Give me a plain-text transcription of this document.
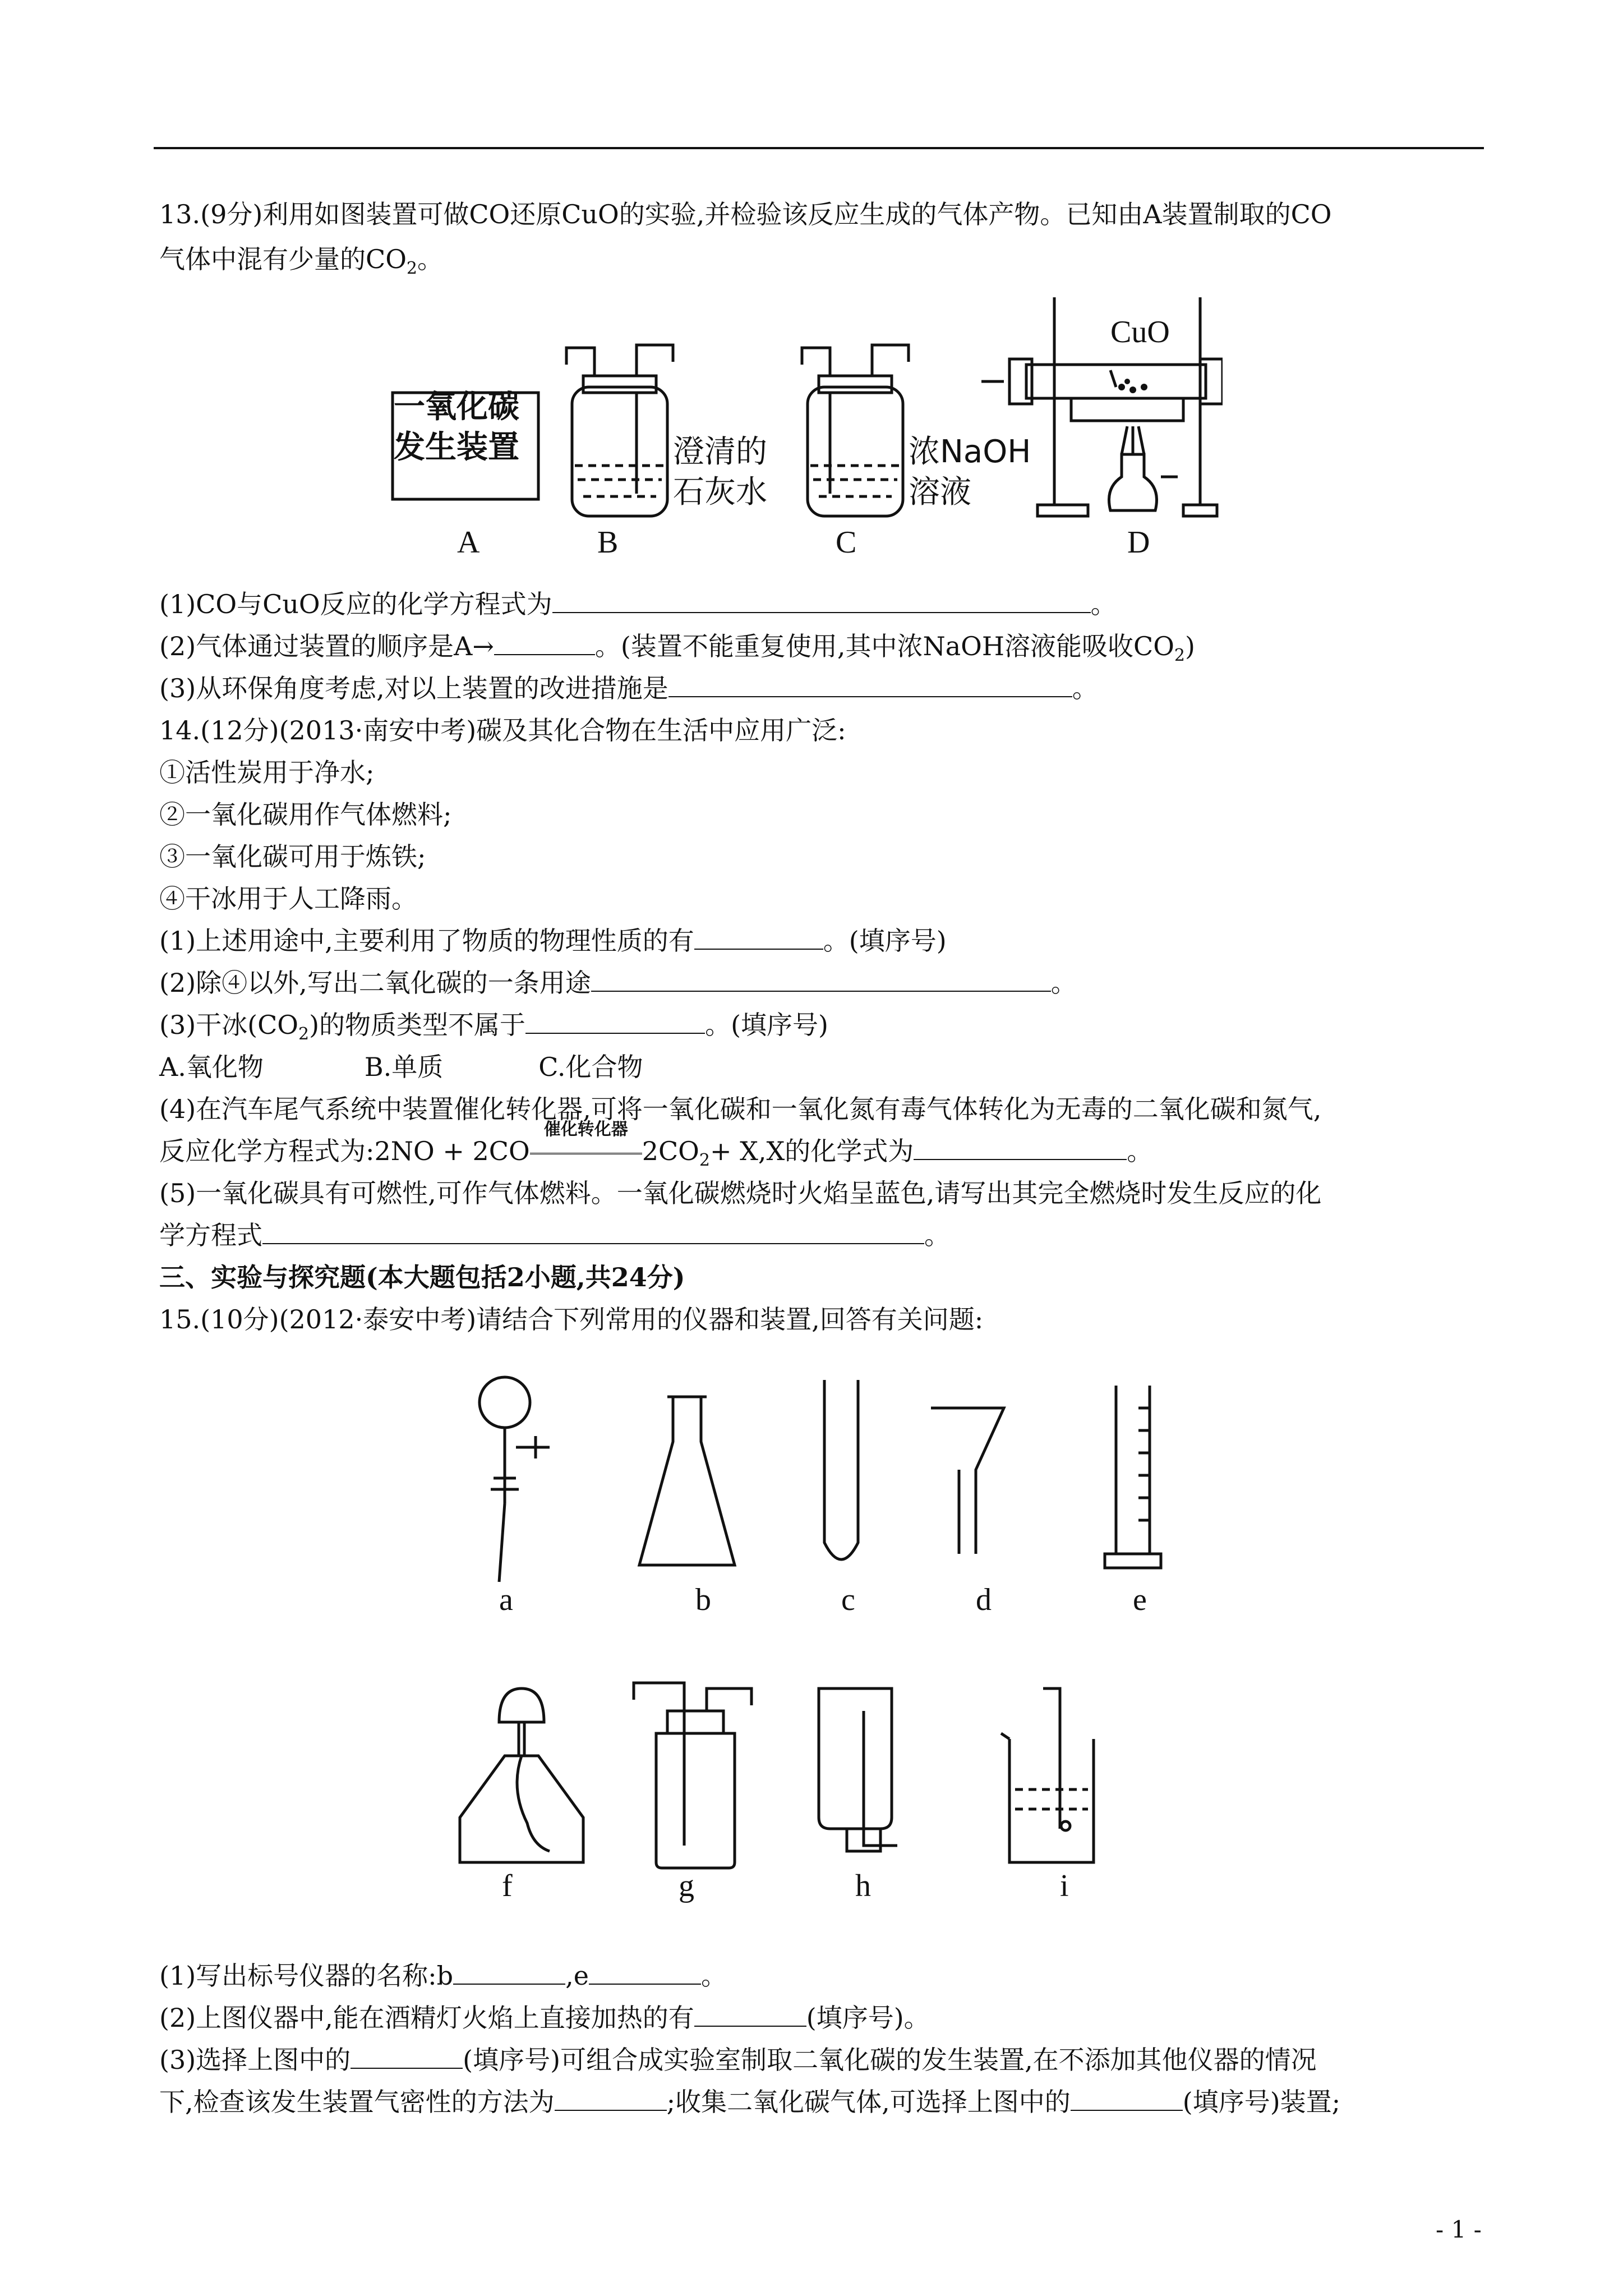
13.(9分)利用如图装置可做CO还原CuO的实验,并检验该反应生成的气体产物。已知由A装置制取的CO
气体中混有少量的$CO_2$。
一氧化碳
发生装置	澄清的
石灰水
浓NaOH
溶液
CuO
A	B	C	D
(1)CO与CuO反应的化学方程式为	。
(2)气体通过装置的顺序是A→	。(装置不能重复使用,其中浓NaOH溶液能吸收$CO_2$)
(3)从环保角度考虑,对以上装置的改进措施是	。
14.(12分)(2013·南安中考)碳及其化合物在生活中应用广泛:
①活性炭用于净水;
②一氧化碳用作气体燃料;
③一氧化碳可用于炼铁;
④干冰用于人工降雨。
(1)上述用途中,主要利用了物质的物理性质的有	。(填序号)
(2)除④以外,写出二氧化碳的一条用途	。
(3)干冰$(CO_2)$的物质类型不属于	。(填序号)
A.氧化物	B.单质	C.化合物
(4)在汽车尾气系统中装置催化转化器,可将一氧化碳和一氧化氮有毒气体转化为无毒的二氧化碳和氮气,
反应化学方程式为:2NO + 2CO
催化转化器
$2CO_2+ X,X$的化学式为	。
(5)一氧化碳具有可燃性,可作气体燃料。一氧化碳燃烧时火焰呈蓝色,请写出其完全燃烧时发生反应的化
学方程式	。
三、实验与探究题(本大题包括2小题,共24分)
15.(10分)(2012·泰安中考)请结合下列常用的仪器和装置,回答有关问题:
a	b	c	d	e
f	g	h	i
(1)写出标号仪器的名称:b	,e	。
(2)上图仪器中,能在酒精灯火焰上直接加热的有	(填序号)。
(3)选择上图中的	(填序号)可组合成实验室制取二氧化碳的发生装置,在不添加其他仪器的情况
下,检查该发生装置气密性的方法为	;收集二氧化碳气体,可选择上图中的	(填序号)装置;
- 1 -
